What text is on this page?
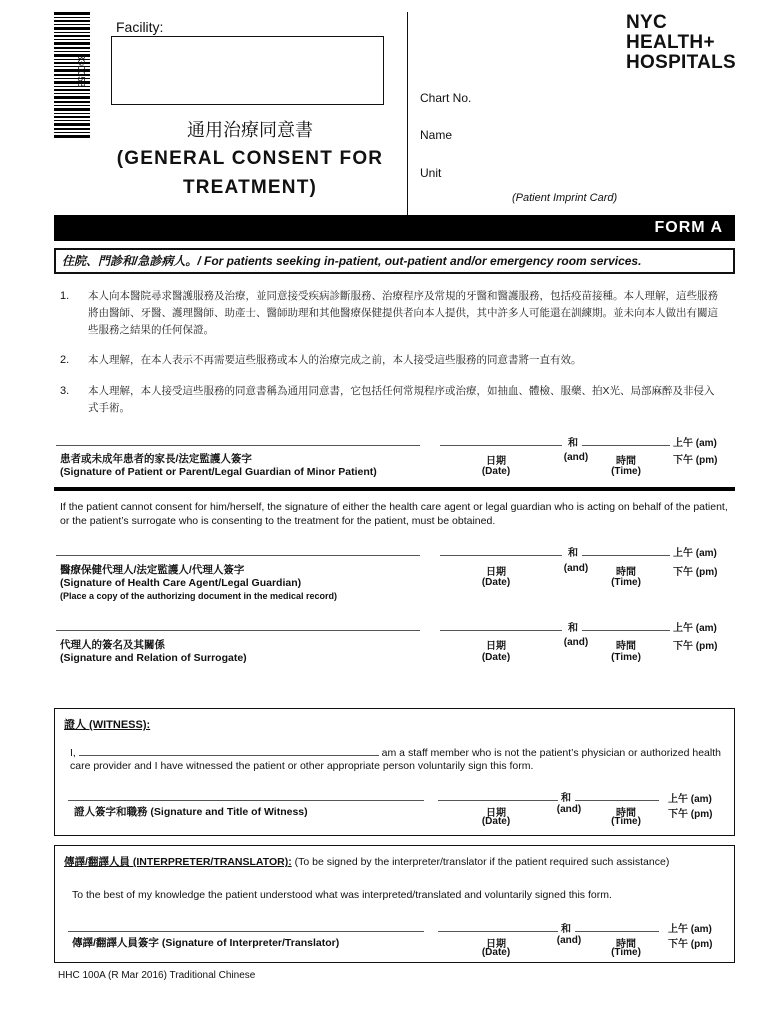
330058
Facility:
通用治療同意書
(GENERAL CONSENT FOR
TREATMENT)
NYC
HEALTH+
HOSPITALS
Chart No.
Name
Unit
(Patient Imprint Card)
FORM A
住院、門診和/急診病人。/ For patients seeking in-patient, out-patient and/or emergency room services.
1. 本人向本醫院尋求醫護服務及治療，並同意接受疾病診斷服務、治療程序及常規的牙醫和醫護服務，包括疫苗接種。本人理解，這些服務
將由醫師、牙醫、護理醫師、助產士、醫師助理和其他醫療保健提供者向本人提供，其中許多人可能還在訓練期。並未向本人做出有關這
些服務之結果的任何保證。
2. 本人理解，在本人表示不再需要這些服務或本人的治療完成之前，本人接受這些服務的同意書將一直有效。
3. 本人理解，本人接受這些服務的同意書稱為通用同意書，它包括任何常規程序或治療，如抽血、體檢、服藥、拍X光、局部麻醉及非侵入
式手術。
患者或未成年患者的家長/法定監護人簽字
(Signature of Patient or Parent/Legal Guardian of Minor Patient)
和	上午 (am)
下午 (pm)
日期
(Date)
(and)	時間
(Time)
If the patient cannot consent for him/herself, the signature of either the health care agent or legal guardian who is acting on behalf of the patient, or the patient’s surrogate who is consenting to the treatment for the patient, must be obtained.
醫療保健代理人/法定監護人/代理人簽字
(Signature of Health Care Agent/Legal Guardian)
(Place a copy of the authorizing document in the medical record)
和	上午 (am)
下午 (pm)
日期
(Date)
(and)	時間
(Time)
代理人的簽名及其關係
(Signature and Relation of Surrogate)
和	上午 (am)
下午 (pm)
日期
(Date)
(and)	時間
(Time)
證人 (WITNESS):
I,	am a staff member who is not the patient’s physician or authorized health
care provider and I have witnessed the patient or other appropriate person voluntarily sign this form.
證人簽字和職務 (Signature and Title of Witness)
和	上午 (am)
下午 (pm)
日期
(Date)
(and)	時間
(Time)
傳譯/翻譯人員 (INTERPRETER/TRANSLATOR): (To be signed by the interpreter/translator if the patient required such assistance)
To the best of my knowledge the patient understood what was interpreted/translated and voluntarily signed this form.
傳譯/翻譯人員簽字 (Signature of Interpreter/Translator)
和	上午 (am)
下午 (pm)
日期
(Date)
(and)	時間
(Time)
HHC 100A (R Mar 2016) Traditional Chinese
